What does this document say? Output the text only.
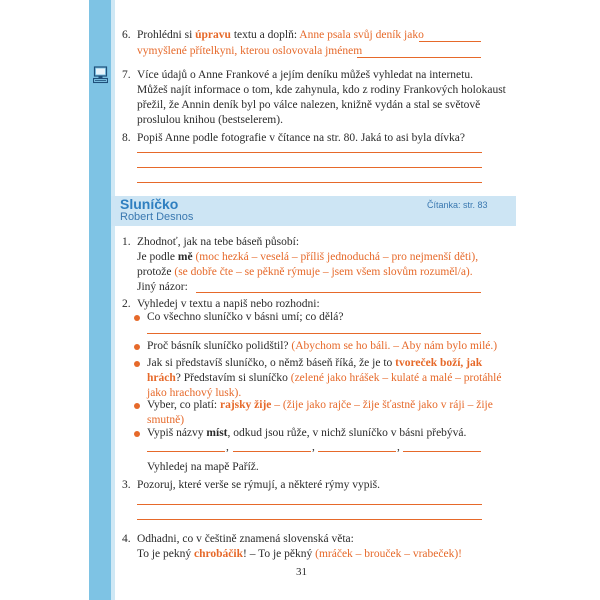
6. Prohlédni si úpravu textu a doplň: Anne psala svůj deník jako
vymyšlené přítelkyni, kterou oslovovala jménem
7. Více údajů o Anne Frankové a jejím deníku můžeš vyhledat na internetu.
Můžeš najít informace o tom, kde zahynula, kdo z rodiny Frankových holokaust
přežil, že Annin deník byl po válce nalezen, knižně vydán a stal se světově
proslulou knihou (bestselerem).
8. Popiš Anne podle fotografie v čítance na str. 80. Jaká to asi byla dívka?
Sluníčko
Robert Desnos
Čítanka: str. 83
1. Zhodnoť, jak na tebe báseň působí:
Je podle mě (moc hezká – veselá – příliš jednoduchá – pro nejmenší děti),
protože (se dobře čte – se pěkně rýmuje – jsem všem slovům rozuměl/a).
Jiný názor:
2. Vyhledej v textu a napiš nebo rozhodni:
Co všechno sluníčko v básni umí; co dělá?
Proč básník sluníčko polidštil? (Abychom se ho báli. – Aby nám bylo milé.)
Jak si představíš sluníčko, o němž báseň říká, že je to tvoreček boží, jak
hrách? Představím si sluníčko (zelené jako hrášek – kulaté a malé – protáhlé
jako hrachový lusk).
Vyber, co platí: rajsky žije – (žije jako rajče – žije šťastně jako v ráji – žije
smutně)
Vypiš názvy míst, odkud jsou růže, v nichž sluníčko v básni přebývá.
,	,	,
Vyhledej na mapě Paříž.
3. Pozoruj, které verše se rýmují, a některé rýmy vypiš.
4. Odhadni, co v češtině znamená slovenská věta:
To je pekný chrobáčik! – To je pěkný (mráček – brouček – vrabeček)!
31
